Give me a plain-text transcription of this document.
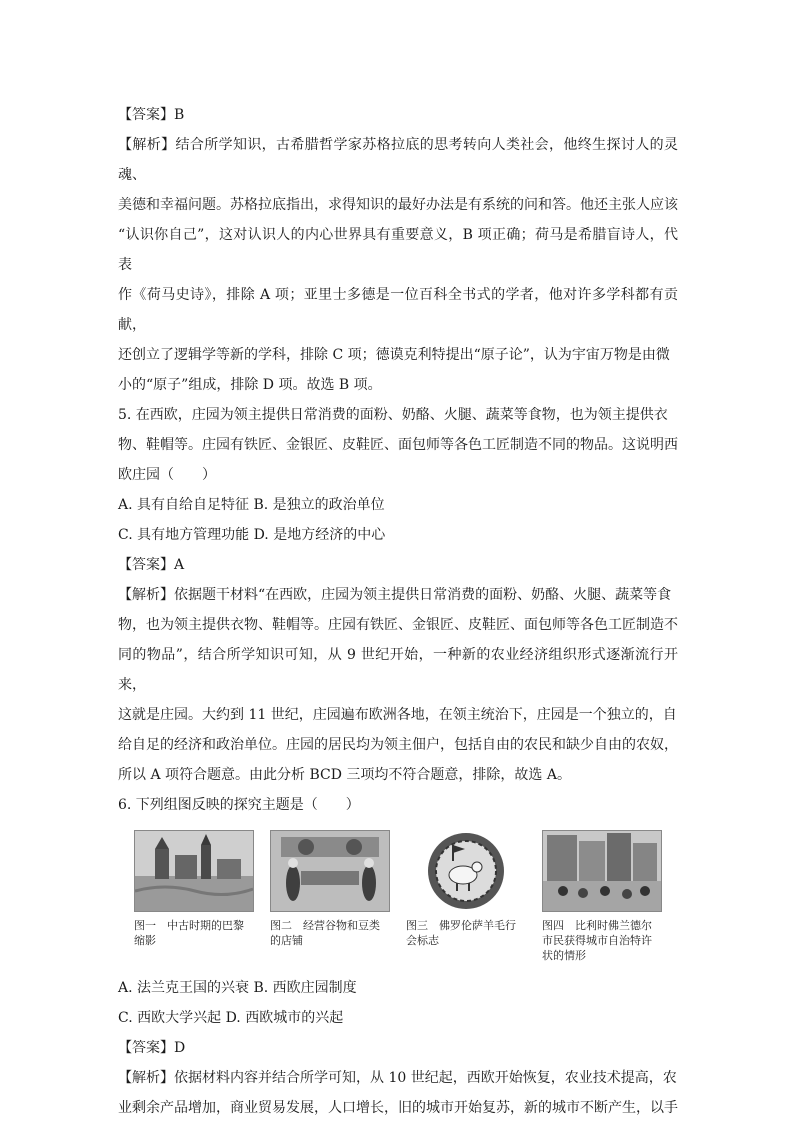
【答案】B

【解析】结合所学知识，古希腊哲学家苏格拉底的思考转向人类社会，他终生探讨人的灵魂、

美德和幸福问题。苏格拉底指出，求得知识的最好办法是有系统的问和答。他还主张人应该

“认识你自己”，这对认识人的内心世界具有重要意义，B 项正确；荷马是希腊盲诗人，代表

作《荷马史诗》，排除 A 项；亚里士多德是一位百科全书式的学者，他对许多学科都有贡献，

还创立了逻辑学等新的学科，排除 C 项；德谟克利特提出“原子论”，认为宇宙万物是由微

小的“原子”组成，排除 D 项。故选 B 项。

5. 在西欧，庄园为领主提供日常消费的面粉、奶酪、火腿、蔬菜等食物，也为领主提供衣

物、鞋帽等。庄园有铁匠、金银匠、皮鞋匠、面包师等各色工匠制造不同的物品。这说明西

欧庄园（　　）

A. 具有自给自足特征 B. 是独立的政治单位

C. 具有地方管理功能 D. 是地方经济的中心

【答案】A

【解析】依据题干材料“在西欧，庄园为领主提供日常消费的面粉、奶酪、火腿、蔬菜等食

物，也为领主提供衣物、鞋帽等。庄园有铁匠、金银匠、皮鞋匠、面包师等各色工匠制造不

同的物品”，结合所学知识可知，从 9 世纪开始，一种新的农业经济组织形式逐渐流行开来，

这就是庄园。大约到 11 世纪，庄园遍布欧洲各地，在领主统治下，庄园是一个独立的，自

给自足的经济和政治单位。庄园的居民均为领主佃户，包括自由的农民和缺少自由的农奴，

所以 A 项符合题意。由此分析 BCD 三项均不符合题意，排除，故选 A。

6. 下列组图反映的探究主题是（　　）

图一　中古时期的巴黎缩影
图二　经营谷物和豆类的店铺
图三　佛罗伦萨羊毛行会标志
图四　比利时佛兰德尔市民获得城市自治特许状的情形

A. 法兰克王国的兴衰 B. 西欧庄园制度

C. 西欧大学兴起 D. 西欧城市的兴起

【答案】D

【解析】依据材料内容并结合所学可知，从 10 世纪起，西欧开始恢复，农业技术提高，农

业剩余产品增加，商业贸易发展，人口增长，旧的城市开始复苏，新的城市不断产生，以手
